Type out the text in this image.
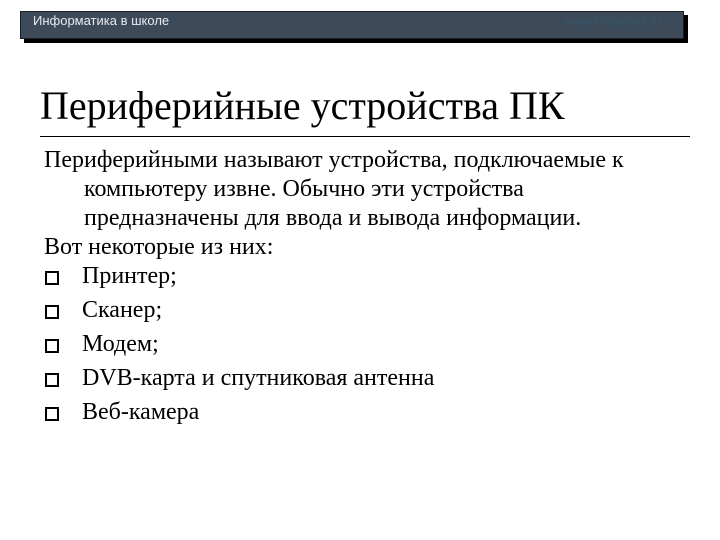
Информатика в школе	www.infoschool.ru
Периферийные устройства ПК

Периферийными называют устройства, подключаемые к компьютеру извне. Обычно эти устройства предназначены для ввода и вывода информации.

Вот некоторые из них:

Принтер;
Сканер;
Модем;
DVB-карта и спутниковая антенна
Веб-камера
